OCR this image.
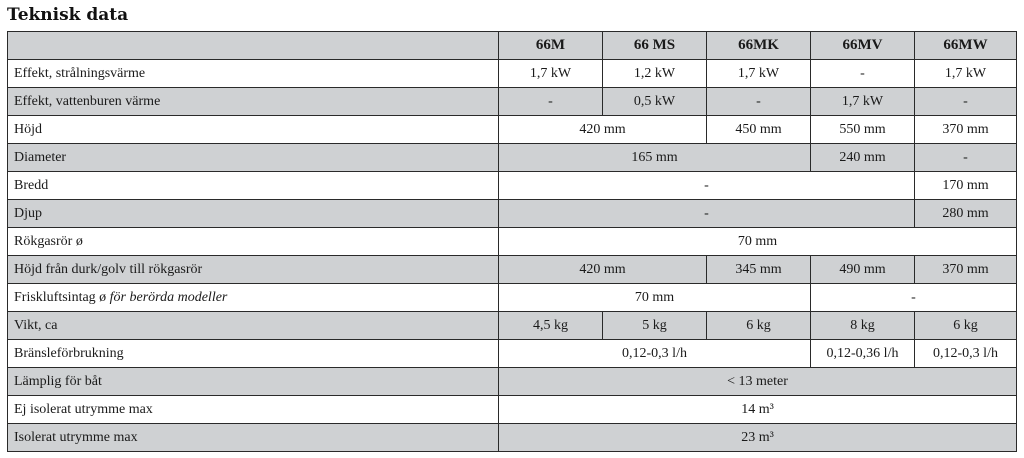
Teknisk data
	66M	66 MS	66MK	66MV	66MW
Effekt, strålningsvärme	1,7 kW	1,2 kW	1,7 kW	-	1,7 kW
Effekt, vattenburen värme	-	0,5 kW	-	1,7 kW	-
Höjd	420 mm		450 mm	550 mm	370 mm
Diameter	165 mm			240 mm	-
Bredd	-				170 mm
Djup	-				280 mm
Rökgasrör ø	70 mm				
Höjd från durk/golv till rökgasrör	420 mm		345 mm	490 mm	370 mm
Friskluftsintag ø för berörda modeller	70 mm			-	
Vikt, ca	4,5 kg	5 kg	6 kg	8 kg	6 kg
Bränsleförbrukning	0,12-0,3 l/h			0,12-0,36 l/h	0,12-0,3 l/h
Lämplig för båt	< 13 meter				
Ej isolerat utrymme max	14 m³				
Isolerat utrymme max	23 m³				
